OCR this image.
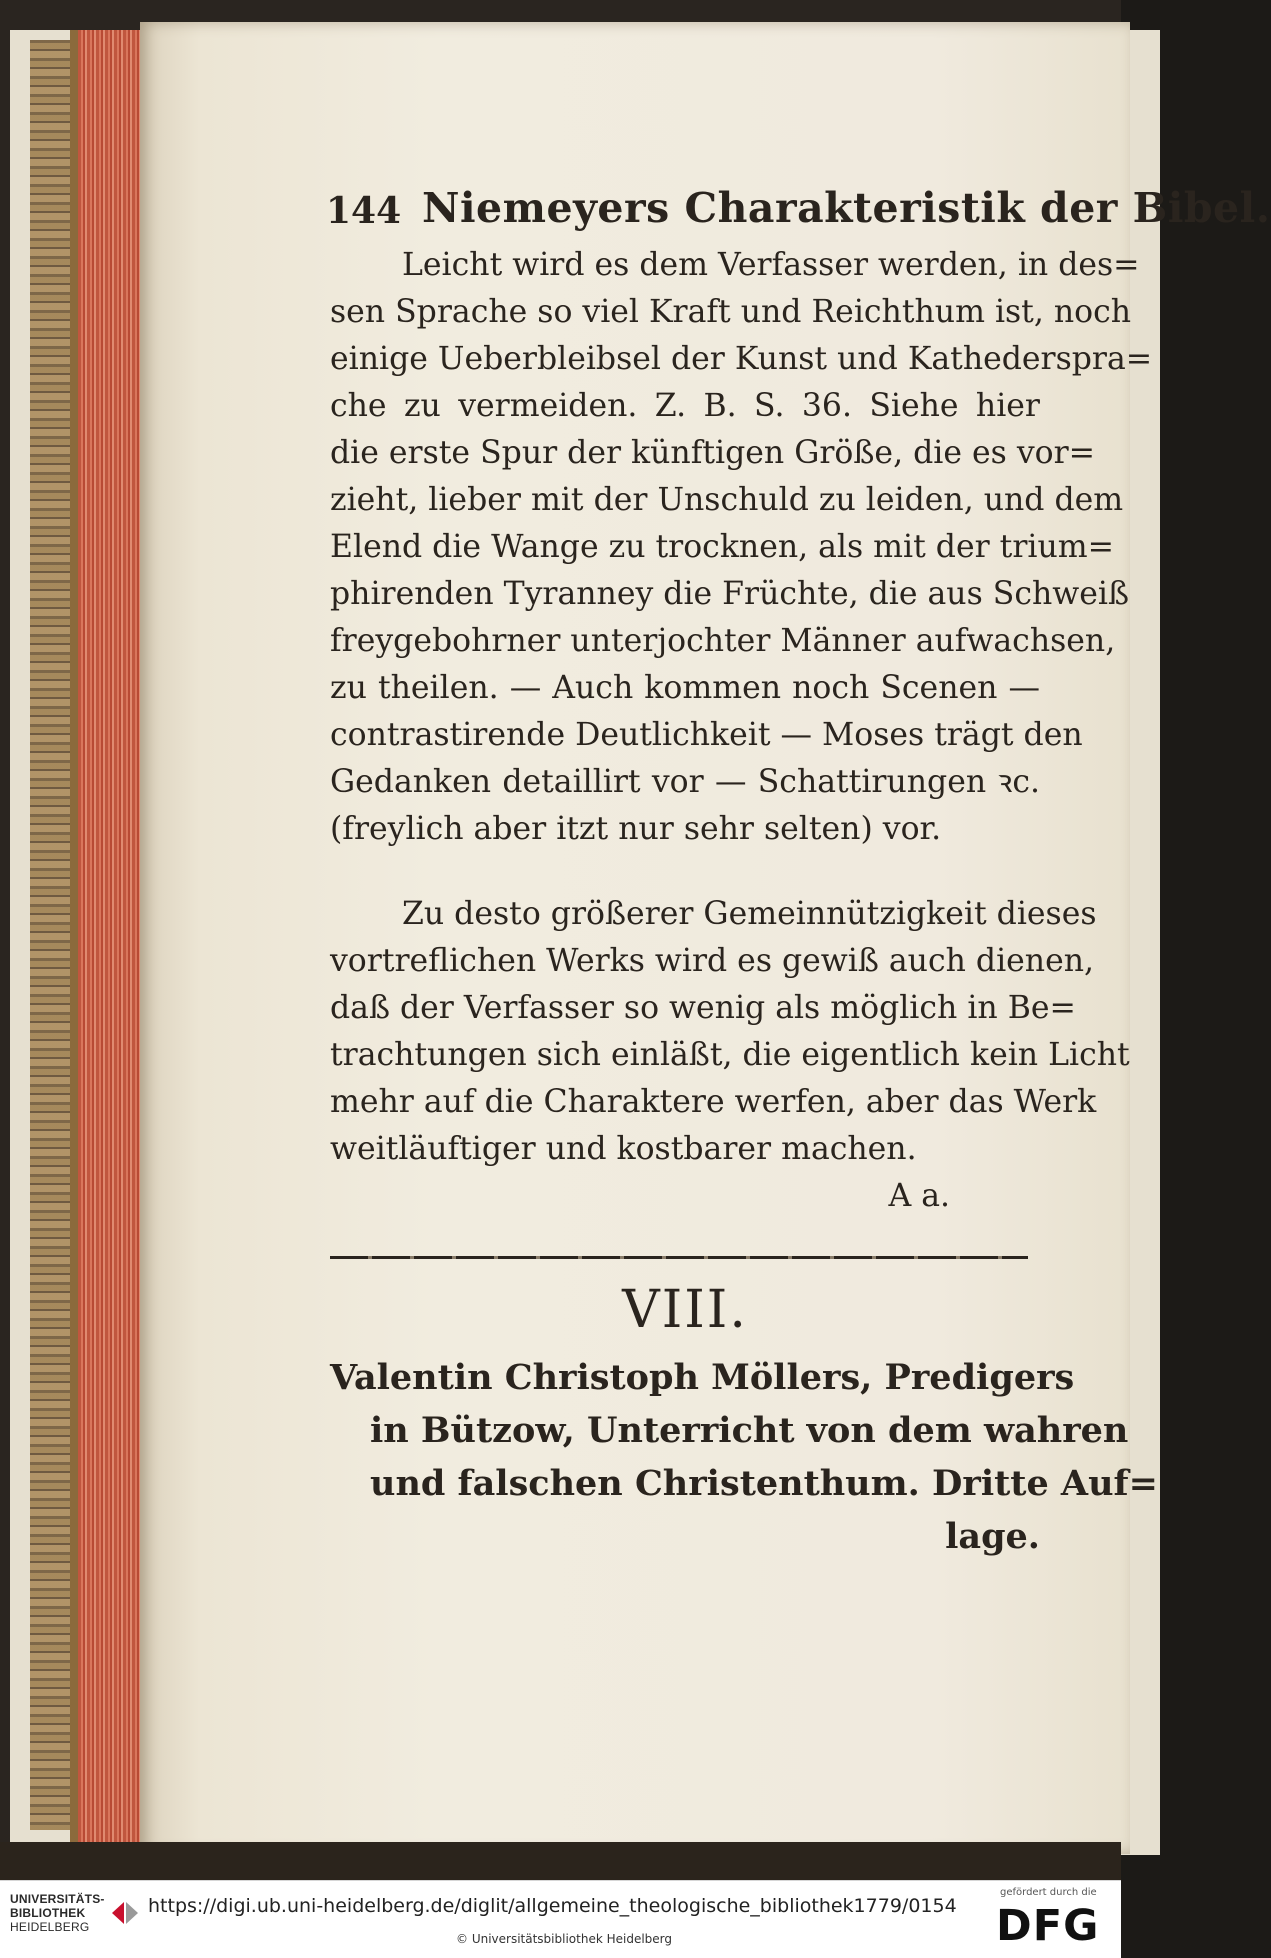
144 Niemeyers Charakteristik der Bibel.
Leicht wird es dem Verfasser werden, in des=
sen Sprache so viel Kraft und Reichthum ist, noch
einige Ueberbleibsel der Kunst und Kathederspra=
che zu vermeiden. Z. B. S. 36. Siehe hier
die erste Spur der künftigen Größe, die es vor=
zieht, lieber mit der Unschuld zu leiden, und dem
Elend die Wange zu trocknen, als mit der trium=
phirenden Tyranney die Früchte, die aus Schweiß
freygebohrner unterjochter Männer aufwachsen,
zu theilen. — Auch kommen noch Scenen —
contrastirende Deutlichkeit — Moses trägt den
Gedanken detaillirt vor — Schattirungen ꝛc.
(freylich aber itzt nur sehr selten) vor.
Zu desto größerer Gemeinnützigkeit dieses
vortreflichen Werks wird es gewiß auch dienen,
daß der Verfasser so wenig als möglich in Be=
trachtungen sich einläßt, die eigentlich kein Licht
mehr auf die Charaktere werfen, aber das Werk
weitläuftiger und kostbarer machen.
A a.
VIII.
Valentin Christoph Möllers, Predigers
in Bützow, Unterricht von dem wahren
und falschen Christenthum. Dritte Auf=
lage.
UNIVERSITÄTS-
BIBLIOTHEK
HEIDELBERG
https://digi.ub.uni-heidelberg.de/diglit/allgemeine_theologische_bibliothek1779/0154
© Universitätsbibliothek Heidelberg
gefördert durch die
DFG
